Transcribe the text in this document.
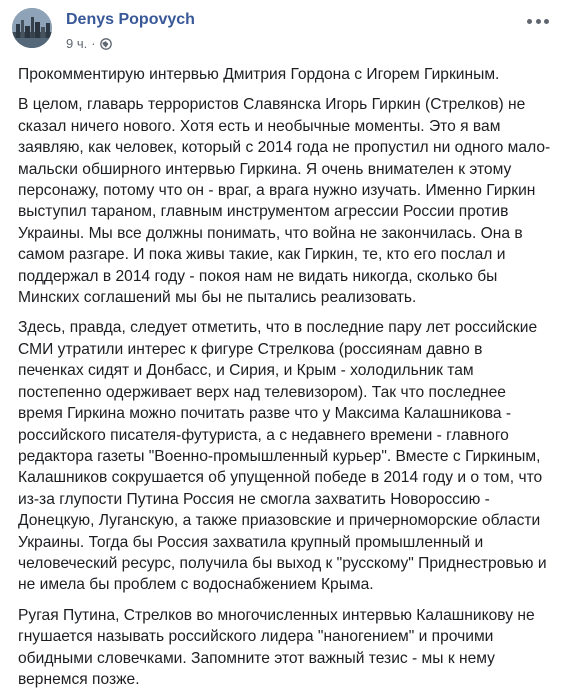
Denys Popovych
9 ч. ·

Прокомментирую интервью Дмитрия Гордона с Игорем Гиркиным.

В целом, главарь террористов Славянска Игорь Гиркин (Стрелков) не сказал ничего нового. Хотя есть и необычные моменты. Это я вам заявляю, как человек, который с 2014 года не пропустил ни одного мало-мальски обширного интервью Гиркина. Я очень внимателен к этому персонажу, потому что он - враг, а врага нужно изучать. Именно Гиркин выступил тараном, главным инструментом агрессии России против Украины. Мы все должны понимать, что война не закончилась. Она в самом разгаре. И пока живы такие, как Гиркин, те, кто его послал и поддержал в 2014 году - покоя нам не видать никогда, сколько бы Минских соглашений мы бы не пытались реализовать.

Здесь, правда, следует отметить, что в последние пару лет российские СМИ утратили интерес к фигуре Стрелкова (россиянам давно в печенках сидят и Донбасс, и Сирия, и Крым - холодильник там постепенно одерживает верх над телевизором). Так что последнее время Гиркина можно почитать разве что у Максима Калашникова - российского писателя-футуриста, а с недавнего времени - главного редактора газеты "Военно-промышленный курьер". Вместе с Гиркиным, Калашников сокрушается об упущенной победе в 2014 году и о том, что из-за глупости Путина Россия не смогла захватить Новороссию - Донецкую, Луганскую, а также приазовские и причерноморские области Украины. Тогда бы Россия захватила крупный промышленный и человеческий ресурс, получила бы выход к "русскому" Приднестровью и не имела бы проблем с водоснабжением Крыма.

Ругая Путина, Стрелков во многочисленных интервью Калашникову не гнушается называть российского лидера "наногением" и прочими обидными словечками. Запомните этот важный тезис - мы к нему вернемся позже.
